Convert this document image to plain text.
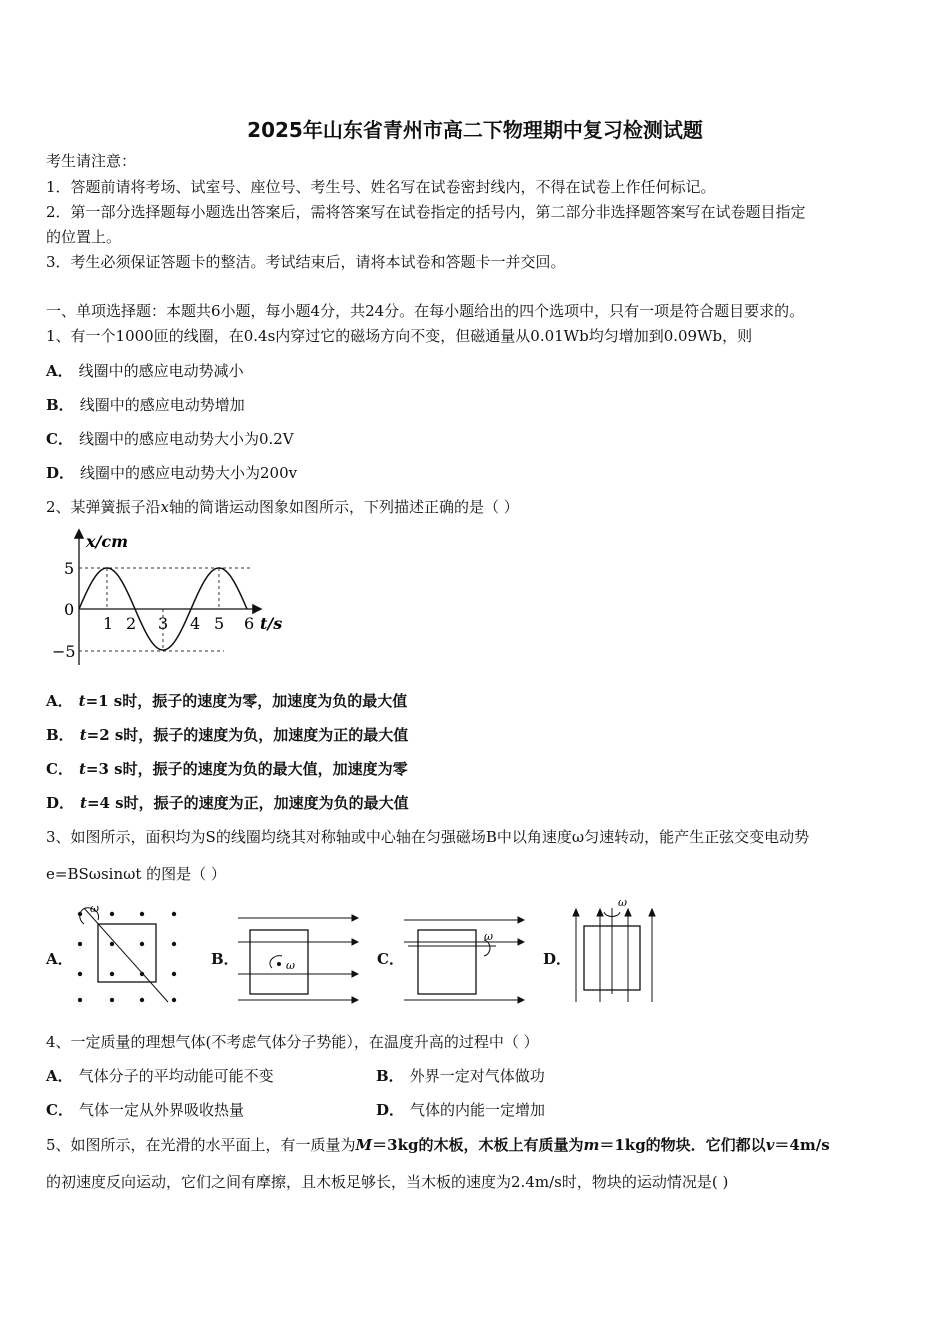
2025年山东省青州市高二下物理期中复习检测试题
考生请注意：
1．答题前请将考场、试室号、座位号、考生号、姓名写在试卷密封线内，不得在试卷上作任何标记。
2．第一部分选择题每小题选出答案后，需将答案写在试卷指定的括号内，第二部分非选择题答案写在试卷题目指定
的位置上。
3．考生必须保证答题卡的整洁。考试结束后，请将本试卷和答题卡一并交回。
一、单项选择题：本题共6小题，每小题4分，共24分。在每小题给出的四个选项中，只有一项是符合题目要求的。
1、有一个1000匝的线圈，在0.4s内穿过它的磁场方向不变，但磁通量从0.01Wb均匀增加到0.09Wb，则
A． 线圈中的感应电动势减小
B． 线圈中的感应电动势增加
C． 线圈中的感应电动势大小为0.2V
D． 线圈中的感应电动势大小为200v
2、某弹簧振子沿x轴的简谐运动图象如图所示，下列描述正确的是（ ）
x/cm
t/s
5
0
−5
1 2 3 4 5 6
A． t=1 s时，振子的速度为零，加速度为负的最大值
B． t=2 s时，振子的速度为负，加速度为正的最大值
C． t=3 s时，振子的速度为负的最大值，加速度为零
D． t=4 s时，振子的速度为正，加速度为负的最大值
3、如图所示，面积均为S的线圈均绕其对称轴或中心轴在匀强磁场B中以角速度ω匀速转动，能产生正弦交变电动势
e=BSωsinωt 的图是（ ）
A．
ω
B．	ω	C．
ω
D．
ω
4、一定质量的理想气体(不考虑气体分子势能），在温度升高的过程中（ ）
A． 气体分子的平均动能可能不变	B． 外界一定对气体做功
C． 气体一定从外界吸收热量	D． 气体的内能一定增加
5、如图所示，在光滑的水平面上，有一质量为M＝3kg的木板，木板上有质量为m＝1kg的物块．它们都以v＝4m/s
的初速度反向运动，它们之间有摩擦，且木板足够长，当木板的速度为2.4m/s时，物块的运动情况是( )
